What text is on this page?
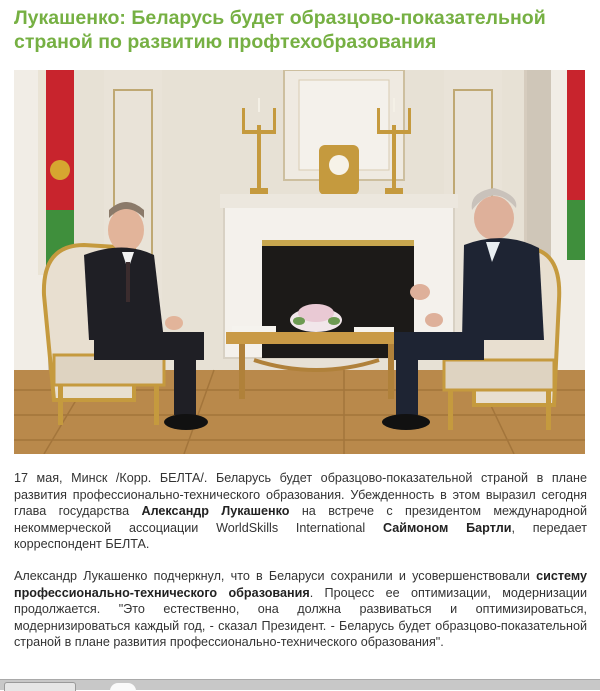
Лукашенко: Беларусь будет образцово-показательной страной по развитию профтехобразования

17 мая, Минск /Корр. БЕЛТА/. Беларусь будет образцово-показательной страной в плане развития профессионально-технического образования. Убежденность в этом выразил сегодня глава государства Александр Лукашенко на встрече с президентом международной некоммерческой ассоциации WorldSkills International Саймоном Бартли, передает корреспондент БЕЛТА.

Александр Лукашенко подчеркнул, что в Беларуси сохранили и усовершенствовали систему профессионально-технического образования. Процесс ее оптимизации, модернизации продолжается. "Это естественно, она должна развиваться и оптимизироваться, модернизироваться каждый год, - сказал Президент. - Беларусь будет образцово-показательной страной в плане развития профессионально-технического образования".
